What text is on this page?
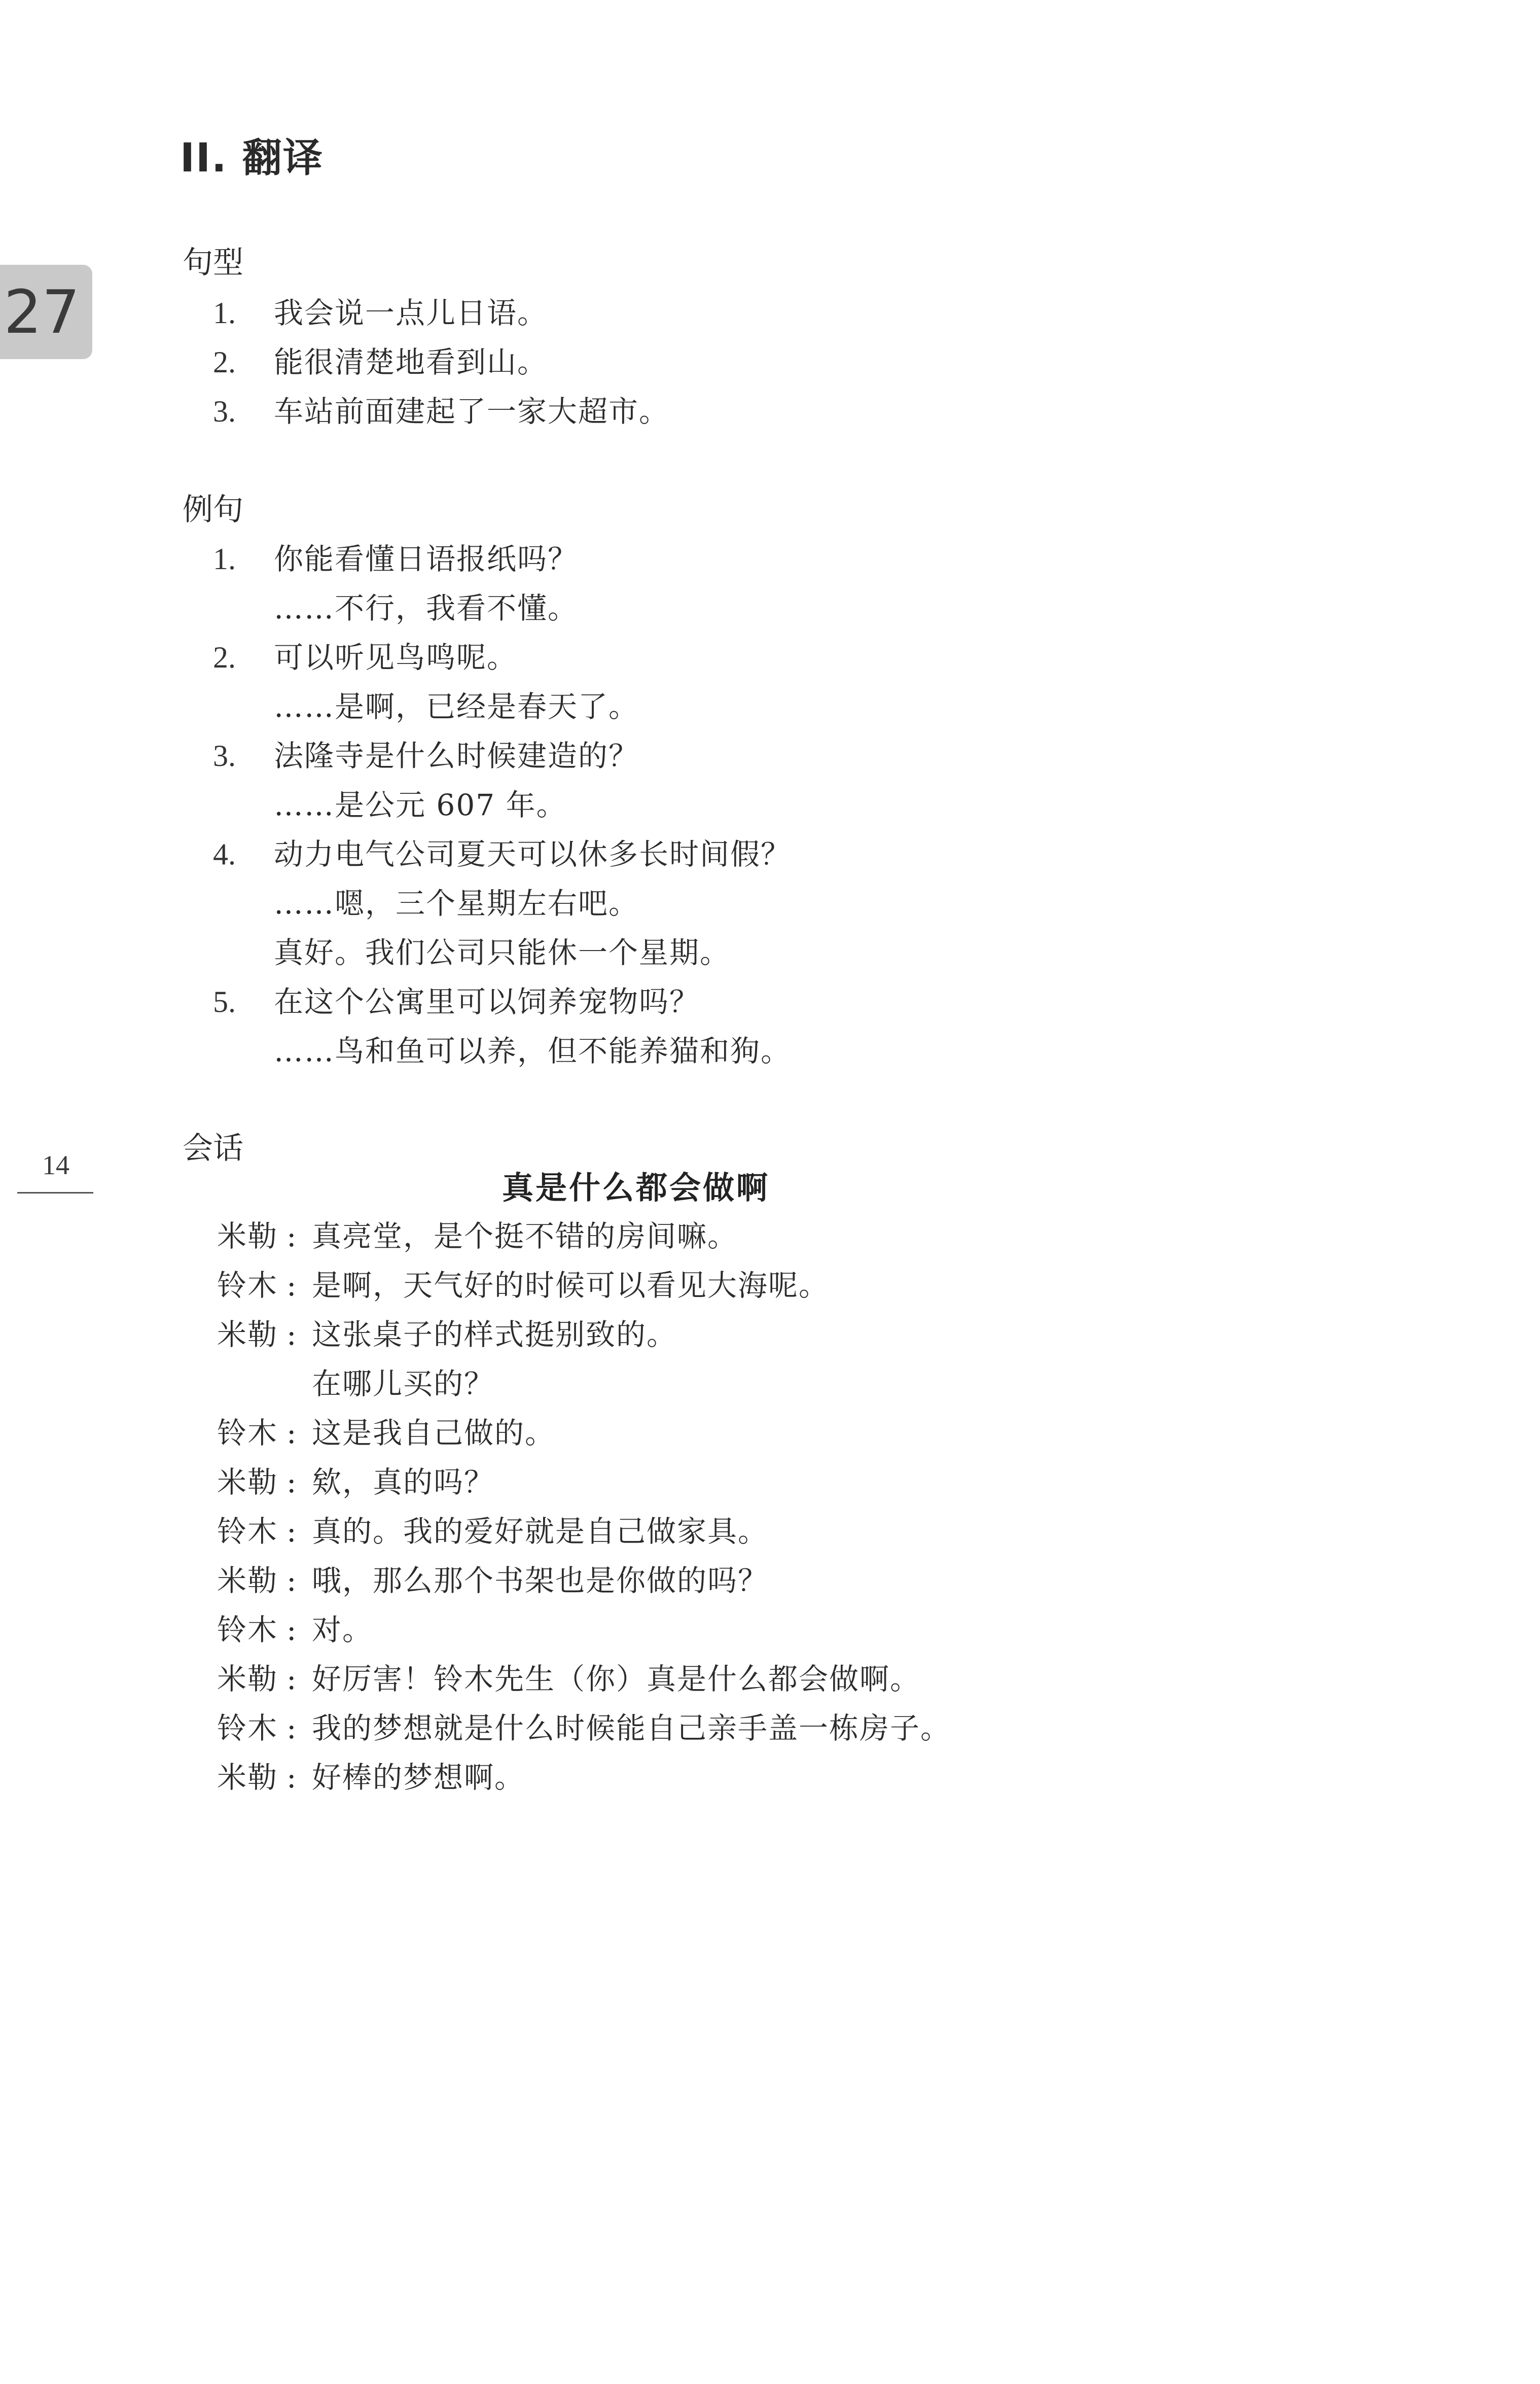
II. 翻译
27
14
句型
1. 我会说一点儿日语。
2. 能很清楚地看到山。
3. 车站前面建起了一家大超市。
例句
1. 你能看懂日语报纸吗？
……不行，我看不懂。
2. 可以听见鸟鸣呢。
……是啊，已经是春天了。
3. 法隆寺是什么时候建造的？
……是公元 607 年。
4. 动力电气公司夏天可以休多长时间假？
……嗯，三个星期左右吧。
真好。我们公司只能休一个星期。
5. 在这个公寓里可以饲养宠物吗？
……鸟和鱼可以养，但不能养猫和狗。
会话
真是什么都会做啊
米勒 : 真亮堂，是个挺不错的房间嘛。
铃木 : 是啊，天气好的时候可以看见大海呢。
米勒 : 这张桌子的样式挺别致的。
在哪儿买的？
铃木 : 这是我自己做的。
米勒 : 欸，真的吗？
铃木 : 真的。我的爱好就是自己做家具。
米勒 : 哦，那么那个书架也是你做的吗？
铃木 : 对。
米勒 : 好厉害！铃木先生（你）真是什么都会做啊。
铃木 : 我的梦想就是什么时候能自己亲手盖一栋房子。
米勒 : 好棒的梦想啊。
